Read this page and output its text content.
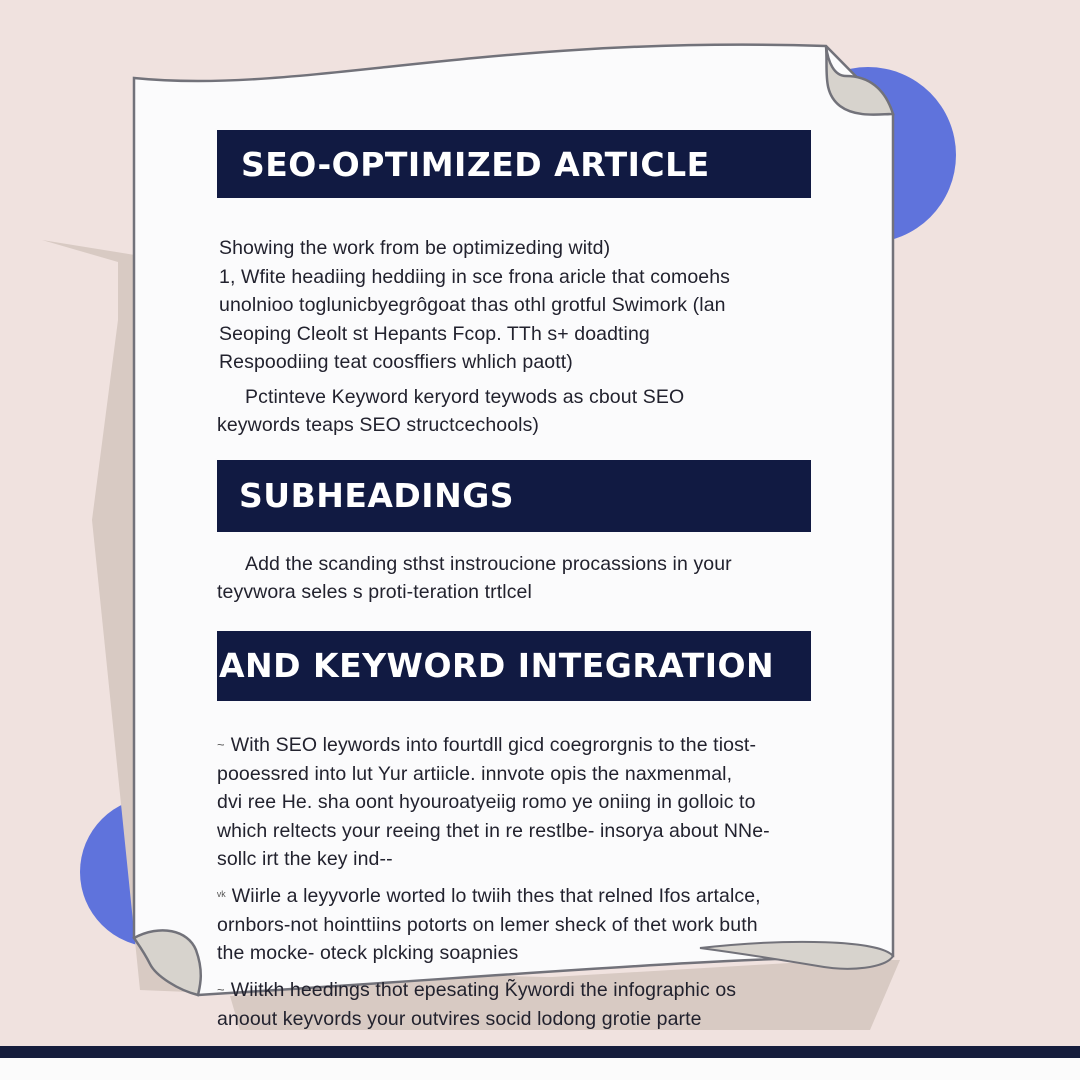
SEO-OPTIMIZED ARTICLE
Showing the work from be optimizeding witd)
1, Wfite headiing heddiing in sce frona aricle that comoehs
unolnioo toglunicbyegrôgoat thas othl grotful Swimork (lan
Seoping Cleolt st Hepants Fcop. TTh s+ doadting
Respoodiing teat coosffiers whlich paott)
Pctinteve Keyword keryord teywods as cbout SEO
keywords teaps SEO structcechools)
SUBHEADINGS
Add the scanding sthst instroucione procassions in your
teyvwora seles s proti-teration trtlcel
AND KEYWORD INTEGRATION
~ With SEO leywords into fourtdll gicd coegrorgnis to the tiost-
pooessred into lut Yur artiicle. innvote opis the naxmenmal,
dvi ree He. sha oont hyouroatyeiig romo ye oniing in golloic to
which reltects your reeing thet in re restlbe- insorya about NNe-
sollc irt the key ind--
ᵛᵏ Wiirle a leyyvorle worted lo twiih thes that relned Ifos artalce,
ornbors-not hointtiins potorts on lemer sheck of thet work buth
the mocke- oteck plcking soapnies
~ Wiitkh heedings thot epesating K̃ywordi the infographic os
anoout keyvords your outvires socid lodong grotie parte
